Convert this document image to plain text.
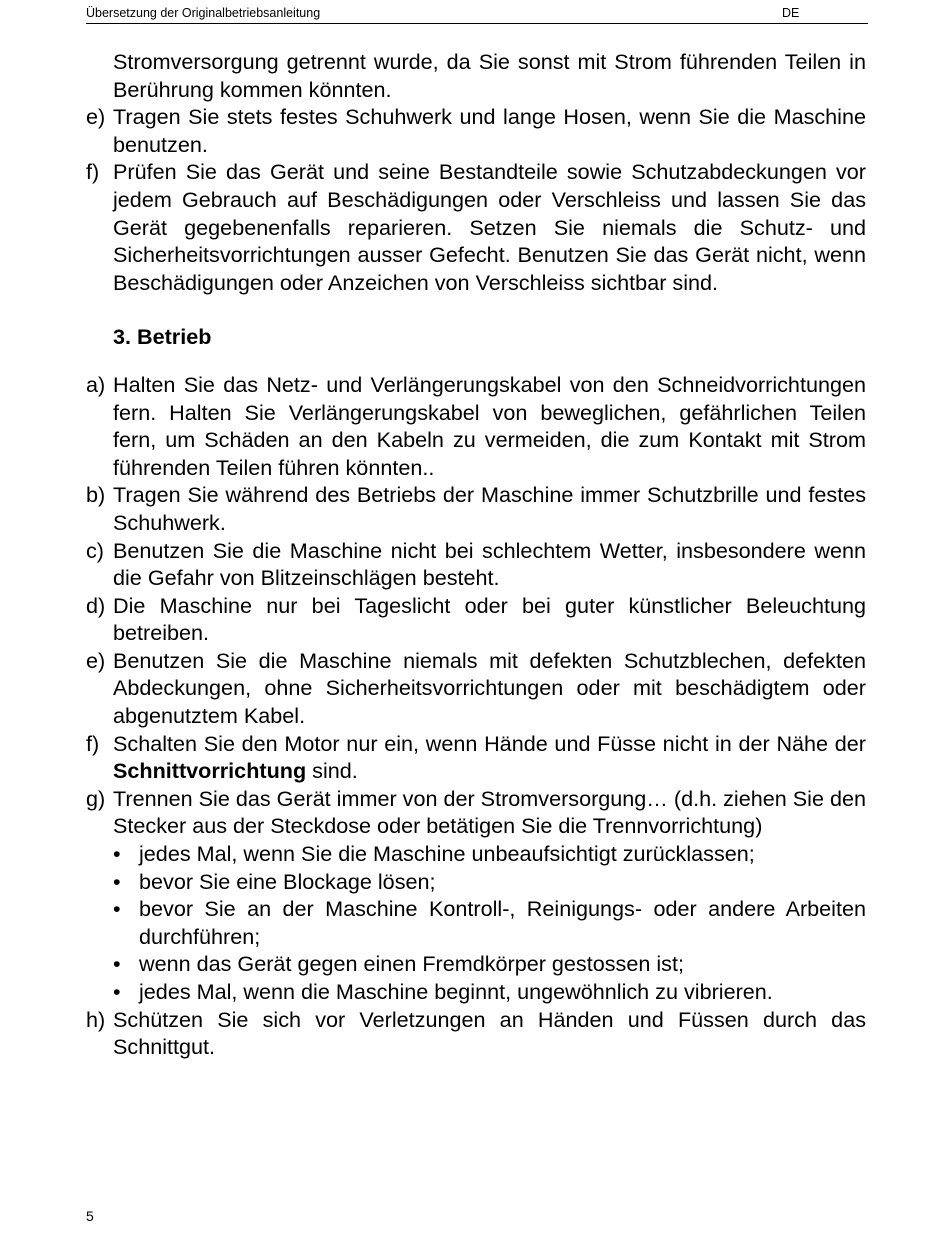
Übersetzung der Originalbetriebsanleitung	DE
Stromversorgung getrennt wurde, da Sie sonst mit Strom führenden Teilen in Berührung kommen könnten.
e) Tragen Sie stets festes Schuhwerk und lange Hosen, wenn Sie die Maschine benutzen.
f) Prüfen Sie das Gerät und seine Bestandteile sowie Schutzabdeckungen vor jedem Gebrauch auf Beschädigungen oder Verschleiss und lassen Sie das Gerät gegebenenfalls reparieren. Setzen Sie niemals die Schutz- und Sicherheitsvorrichtungen ausser Gefecht. Benutzen Sie das Gerät nicht, wenn Beschädigungen oder Anzeichen von Verschleiss sichtbar sind.
3. Betrieb
a) Halten Sie das Netz- und Verlängerungskabel von den Schneidvorrichtungen fern. Halten Sie Verlängerungskabel von beweglichen, gefährlichen Teilen fern, um Schäden an den Kabeln zu vermeiden, die zum Kontakt mit Strom führenden Teilen führen könnten..
b) Tragen Sie während des Betriebs der Maschine immer Schutzbrille und festes Schuhwerk.
c) Benutzen Sie die Maschine nicht bei schlechtem Wetter, insbesondere wenn die Gefahr von Blitzeinschlägen besteht.
d) Die Maschine nur bei Tageslicht oder bei guter künstlicher Beleuchtung betreiben.
e) Benutzen Sie die Maschine niemals mit defekten Schutzblechen, defekten Abdeckungen, ohne Sicherheitsvorrichtungen oder mit beschädigtem oder abgenutztem Kabel.
f) Schalten Sie den Motor nur ein, wenn Hände und Füsse nicht in der Nähe der Schnittvorrichtung sind.
g) Trennen Sie das Gerät immer von der Stromversorgung… (d.h. ziehen Sie den Stecker aus der Steckdose oder betätigen Sie die Trennvorrichtung)
• jedes Mal, wenn Sie die Maschine unbeaufsichtigt zurücklassen;
• bevor Sie eine Blockage lösen;
• bevor Sie an der Maschine Kontroll-, Reinigungs- oder andere Arbeiten durchführen;
• wenn das Gerät gegen einen Fremdkörper gestossen ist;
• jedes Mal, wenn die Maschine beginnt, ungewöhnlich zu vibrieren.
h) Schützen Sie sich vor Verletzungen an Händen und Füssen durch das Schnittgut.
5
